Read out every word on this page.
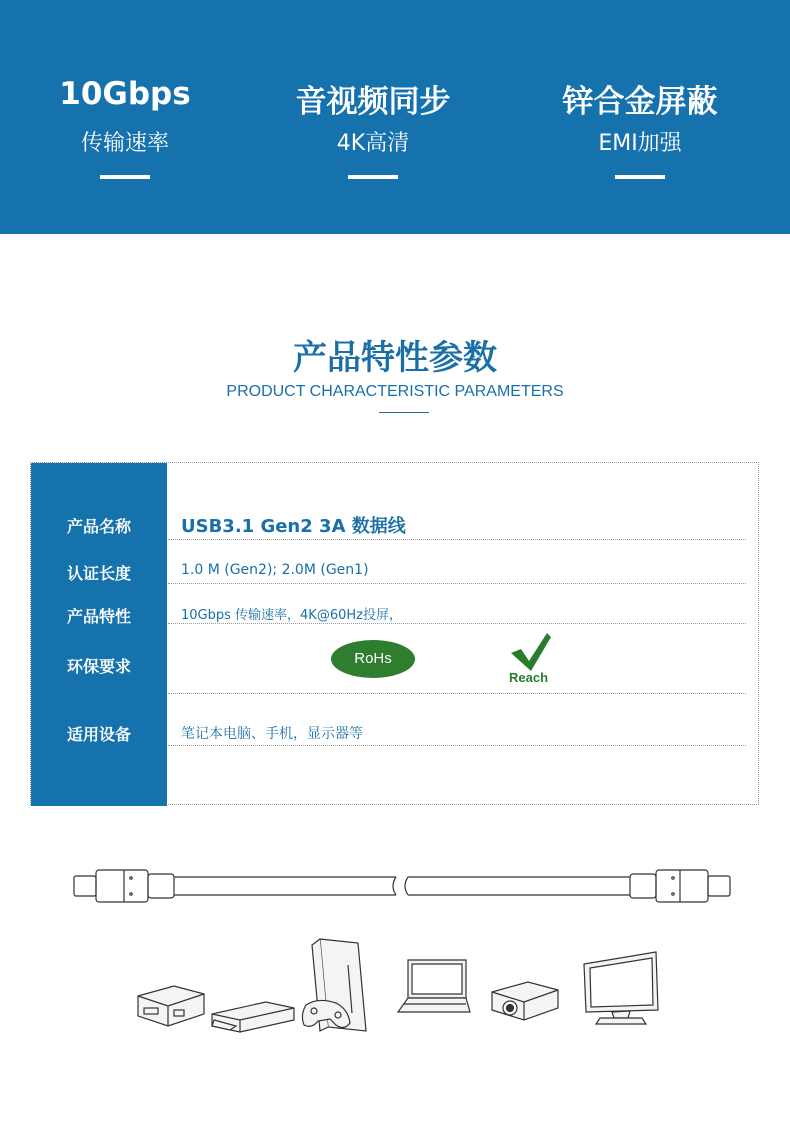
10Gbps
传输速率
音视频同步
4K高清
锌合金屏蔽
EMI加强
产品特性参数
PRODUCT CHARACTERISTIC PARAMETERS
产品名称	USB3.1 Gen2 3A 数据线
认证长度	1.0 M (Gen2); 2.0M (Gen1)
产品特性	10Gbps 传输速率，4K@60Hz投屏，
环保要求	RoHs
Reach
适用设备	笔记本电脑、手机，显示器等
